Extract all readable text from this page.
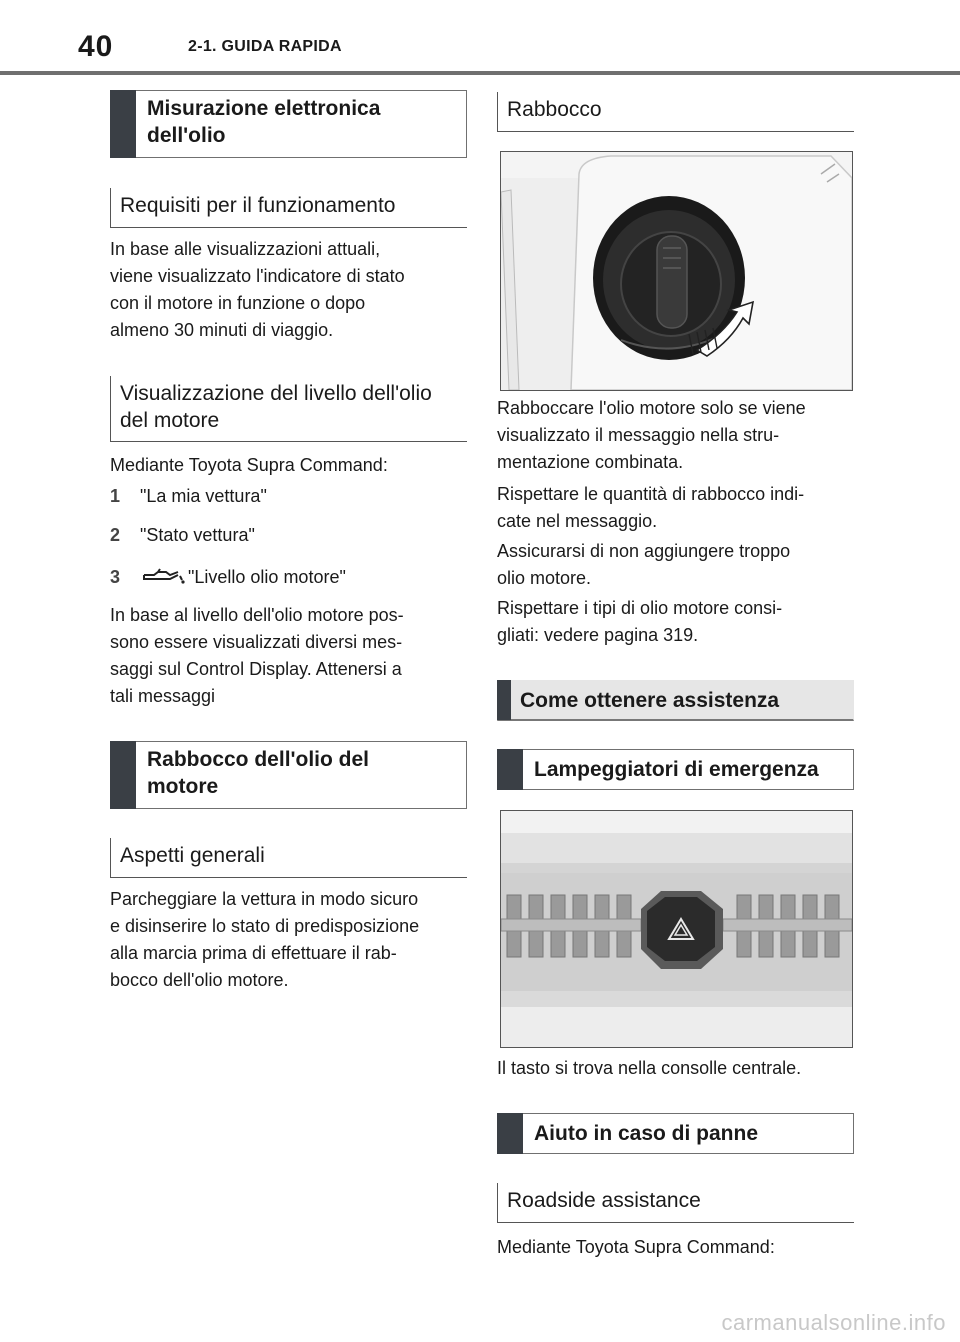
40	2-1. GUIDA RAPIDA
Misurazione elettronica dell'olio
Requisiti per il funzionamento
In base alle visualizzazioni attuali,
viene visualizzato l'indicatore di stato
con il motore in funzione o dopo
almeno 30 minuti di viaggio.
Visualizzazione del livello dell'olio
del motore
Mediante Toyota Supra Command:
1 "La mia vettura"
2 "Stato vettura"
3	"Livello olio motore"
In base al livello dell'olio motore pos-
sono essere visualizzati diversi mes-
saggi sul Control Display. Attenersi a
tali messaggi
Rabbocco dell'olio del
motore
Aspetti generali
Parcheggiare la vettura in modo sicuro
e disinserire lo stato di predisposizione
alla marcia prima di effettuare il rab-
bocco dell'olio motore.
Rabbocco
Rabboccare l'olio motore solo se viene
visualizzato il messaggio nella stru-
mentazione combinata.
Rispettare le quantità di rabbocco indi-
cate nel messaggio.
Assicurarsi di non aggiungere troppo
olio motore.
Rispettare i tipi di olio motore consi-
gliati: vedere pagina 319.
Come ottenere assistenza
Lampeggiatori di emergenza
Il tasto si trova nella consolle centrale.
Aiuto in caso di panne
Roadside assistance
Mediante Toyota Supra Command:
carmanualsonline.info
